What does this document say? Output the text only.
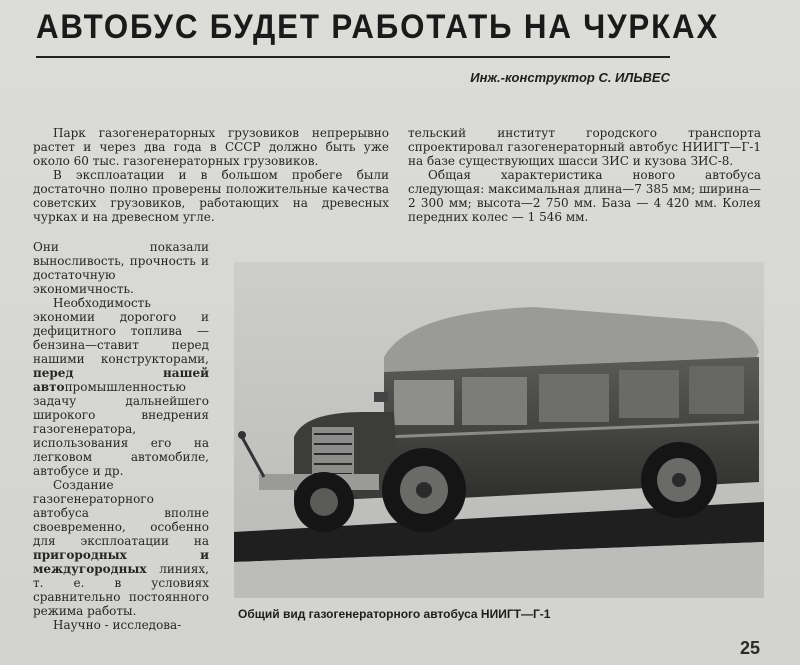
АВТОБУС БУДЕТ РАБОТАТЬ НА ЧУРКАХ
Инж.-конструктор С. ИЛЬВЕС

Парк газогенераторных грузовиков непрерывно растет и через два года в СССР должно быть уже около 60 тыс. газогенераторных грузовиков.

В эксплоатации и в большом пробеге были достаточно полно проверены положительные качества советских грузовиков, работающих на древесных чурках и на древесном угле.

тельский институт городского транспорта спроектировал газогенераторный автобус НИИГТ—Г-1 на базе существующих шасси ЗИС и кузова ЗИС-8.

Общая характеристика нового автобуса следующая: максимальная длина—7 385 мм; ширина—2 300 мм; высота—2 750 мм. База — 4 420 мм. Колея передних колес — 1 546 мм.

Они показали выносливость, прочность и достаточную экономичность.

Необходимость экономии дорогого и дефицитного топлива — бензина—ставит перед нашими конструкторами, перед нашей автопромышленностью задачу дальнейшего широкого внедрения газогенератора, использования его на легковом автомобиле, автобусе и др.

Создание газогенераторного автобуса вполне своевременно, особенно для эксплоатации на пригородных и междугородных линиях, т. е. в условиях сравнительно постоянного режима работы.

Научно - исследова-

Общий вид газогенераторного автобуса НИИГТ—Г-1
25
